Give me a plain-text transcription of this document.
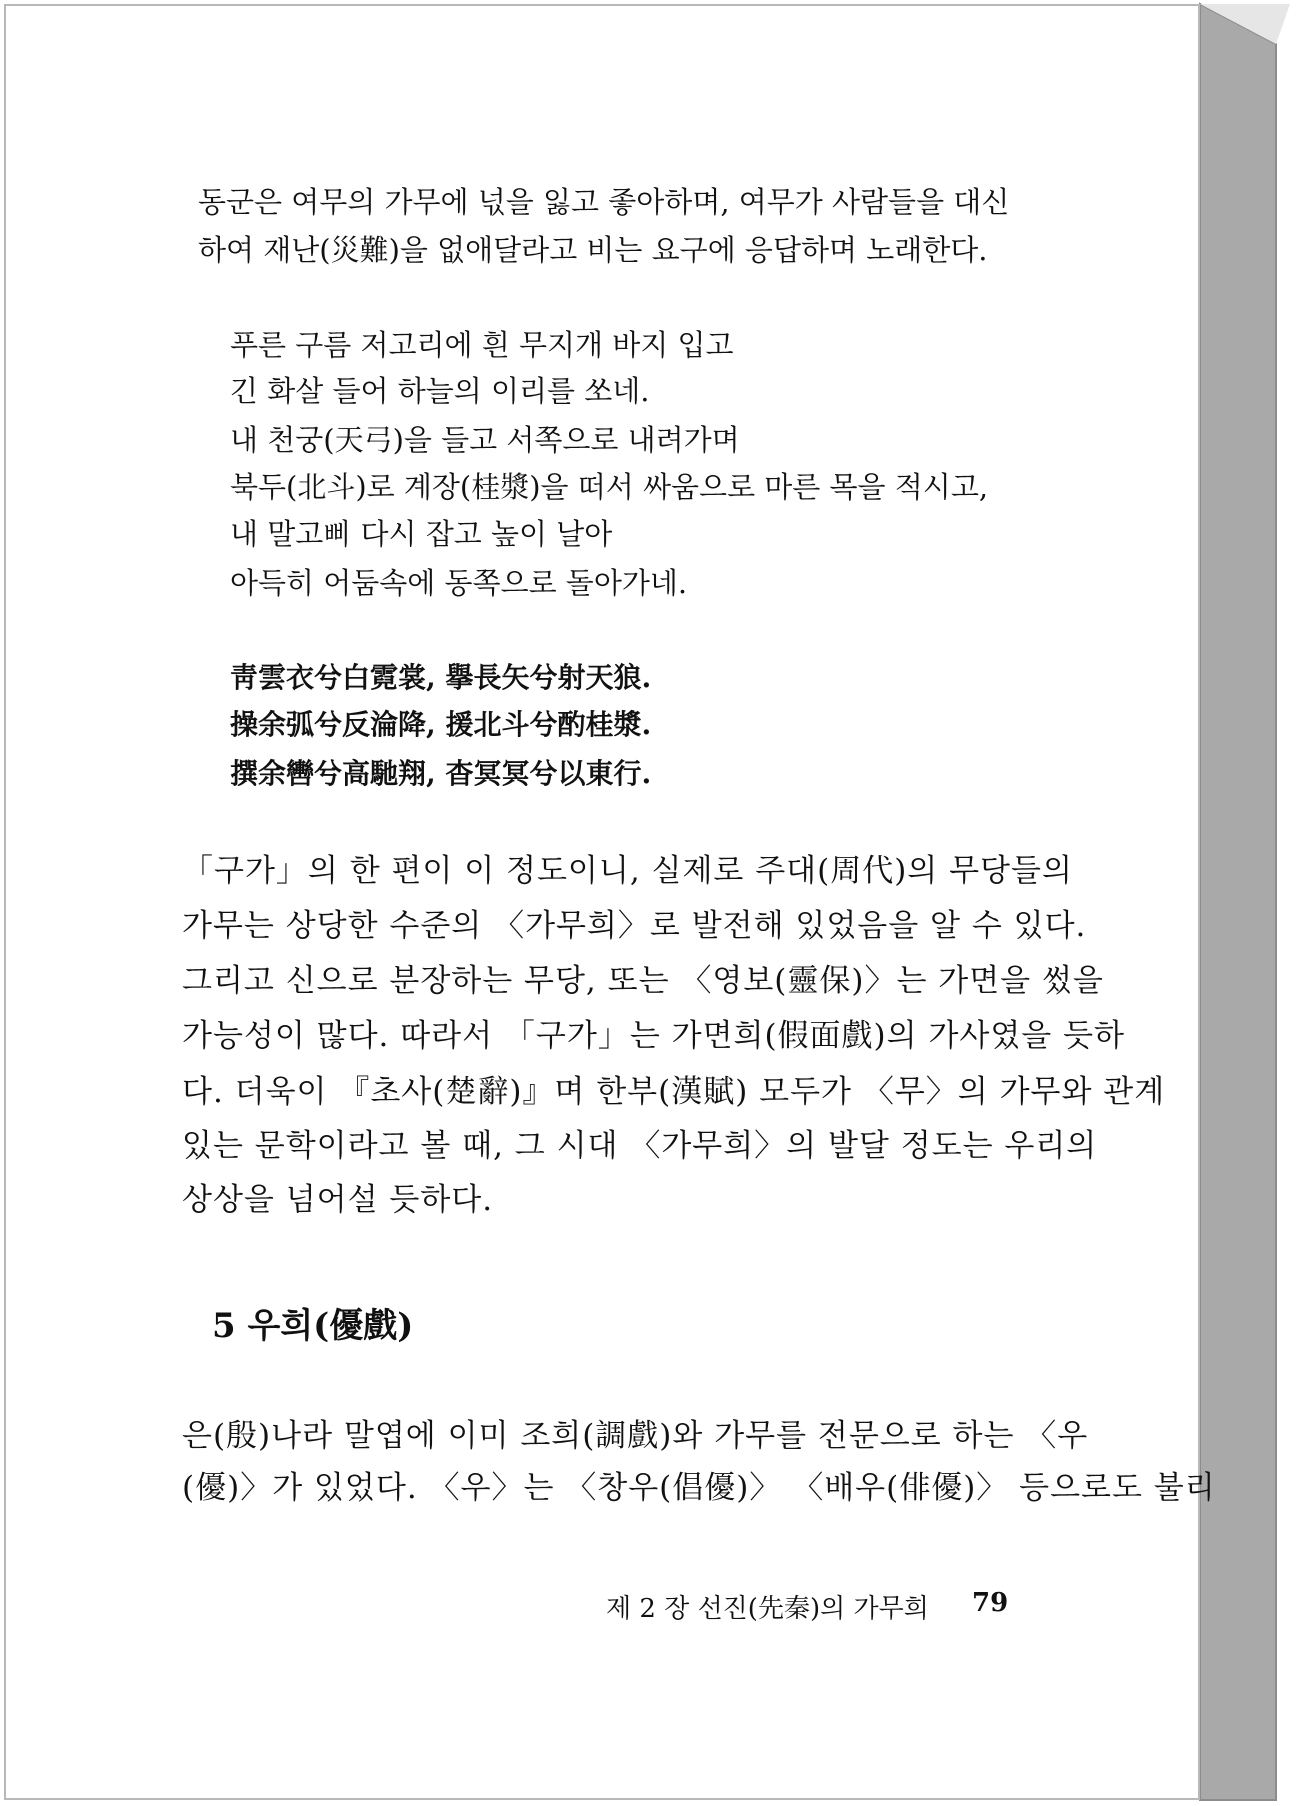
동군은 여무의 가무에 넋을 잃고 좋아하며, 여무가 사람들을 대신
하여 재난(災難)을 없애달라고 비는 요구에 응답하며 노래한다.
푸른 구름 저고리에 흰 무지개 바지 입고
긴 화살 들어 하늘의 이리를 쏘네.
내 천궁(天弓)을 들고 서쪽으로 내려가며
북두(北斗)로 계장(桂漿)을 떠서 싸움으로 마른 목을 적시고,
내 말고삐 다시 잡고 높이 날아
아득히 어둠속에 동쪽으로 돌아가네.
靑雲衣兮白霓裳, 擧長矢兮射天狼.
操余弧兮反淪降, 援北斗兮酌桂漿.
撰余轡兮高馳翔, 杳冥冥兮以東行.
「구가」의 한 편이 이 정도이니, 실제로 주대(周代)의 무당들의
가무는 상당한 수준의 〈가무희〉로 발전해 있었음을 알 수 있다.
그리고 신으로 분장하는 무당, 또는 〈영보(靈保)〉는 가면을 썼을
가능성이 많다. 따라서 「구가」는 가면희(假面戲)의 가사였을 듯하
다. 더욱이 『초사(楚辭)』며 한부(漢賦) 모두가 〈무〉의 가무와 관계
있는 문학이라고 볼 때, 그 시대 〈가무희〉의 발달 정도는 우리의
상상을 넘어설 듯하다.
5 우희(優戲)
은(殷)나라 말엽에 이미 조희(調戲)와 가무를 전문으로 하는 〈우
(優)〉가 있었다. 〈우〉는 〈창우(倡優)〉 〈배우(俳優)〉 등으로도 불리
제 2 장 선진(先秦)의 가무희 79
